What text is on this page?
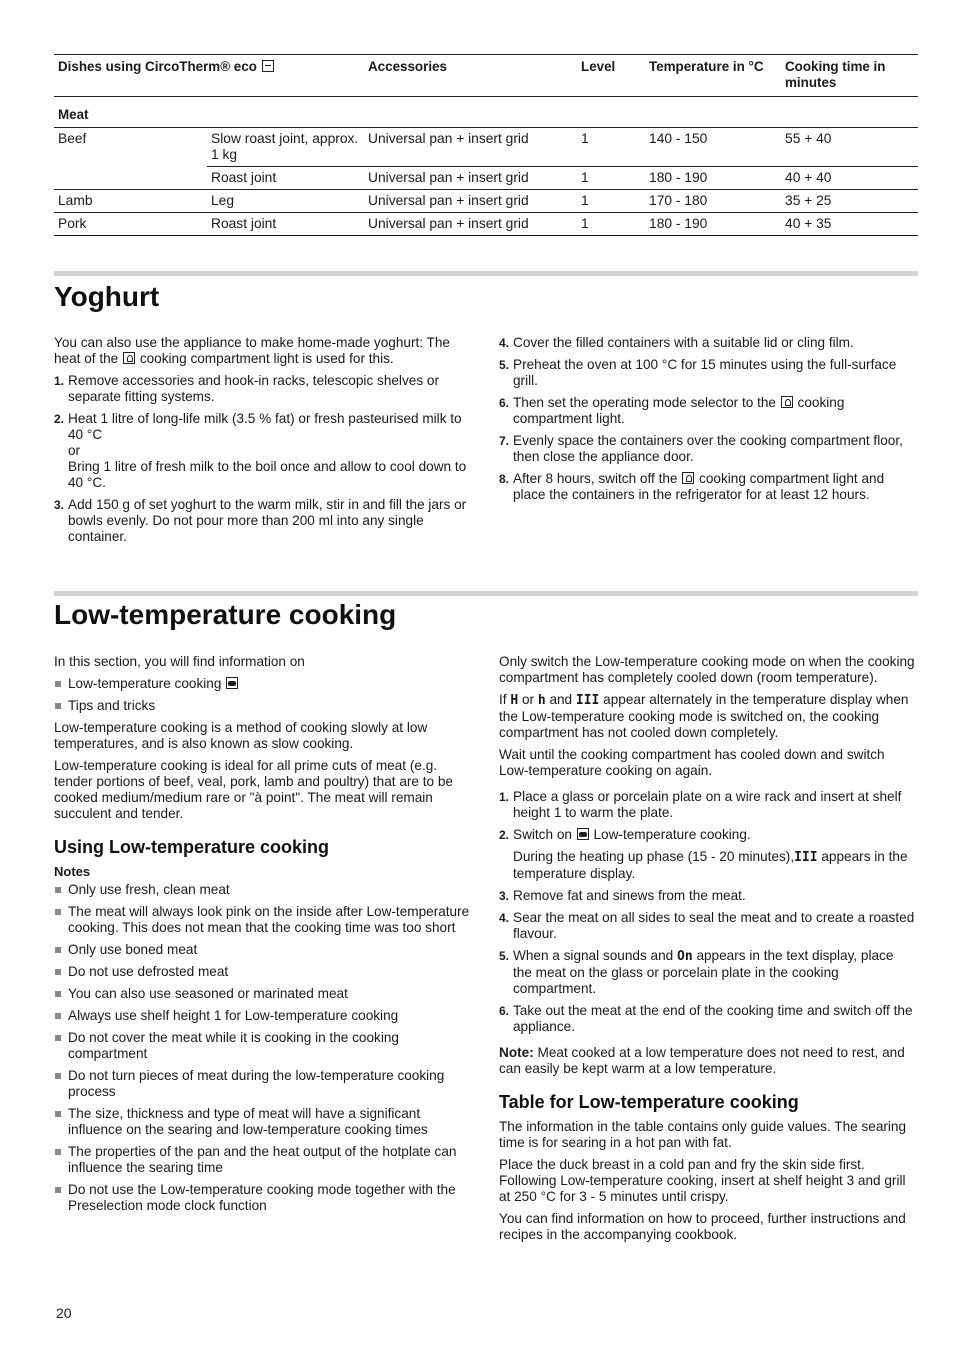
Dishes using CircoTherm® eco		Accessories	Level	Temperature in °C	Cooking time in minutes
Meat					
Beef	Slow roast joint, approx. 1 kg	Universal pan + insert grid	1	140 - 150	55 + 40
	Roast joint	Universal pan + insert grid	1	180 - 190	40 + 40
Lamb	Leg	Universal pan + insert grid	1	170 - 180	35 + 25
Pork	Roast joint	Universal pan + insert grid	1	180 - 190	40 + 35
Yoghurt

You can also use the appliance to make home-made yoghurt: The heat of the cooking compartment light is used for this.

1. Remove accessories and hook-in racks, telescopic shelves or separate fitting systems.
2. Heat 1 litre of long-life milk (3.5 % fat) or fresh pasteurised milk to 40 °C
or
Bring 1 litre of fresh milk to the boil once and allow to cool down to 40 °C.
3. Add 150 g of set yoghurt to the warm milk, stir in and fill the jars or bowls evenly. Do not pour more than 200 ml into any single container.
4. Cover the filled containers with a suitable lid or cling film.
5. Preheat the oven at 100 °C for 15 minutes using the full-surface grill.
6. Then set the operating mode selector to the cooking compartment light.
7. Evenly space the containers over the cooking compartment floor, then close the appliance door.
8. After 8 hours, switch off the cooking compartment light and place the containers in the refrigerator for at least 12 hours.
Low-temperature cooking

In this section, you will find information on

Low-temperature cooking
Tips and tricks

Low-temperature cooking is a method of cooking slowly at low temperatures, and is also known as slow cooking.

Low-temperature cooking is ideal for all prime cuts of meat (e.g. tender portions of beef, veal, pork, lamb and poultry) that are to be cooked medium/medium rare or "à point". The meat will remain succulent and tender.

Using Low-temperature cooking
Notes
Only use fresh, clean meat
The meat will always look pink on the inside after Low-temperature cooking. This does not mean that the cooking time was too short
Only use boned meat
Do not use defrosted meat
You can also use seasoned or marinated meat
Always use shelf height 1 for Low-temperature cooking
Do not cover the meat while it is cooking in the cooking compartment
Do not turn pieces of meat during the low-temperature cooking process
The size, thickness and type of meat will have a significant influence on the searing and low-temperature cooking times
The properties of the pan and the heat output of the hotplate can influence the searing time
Do not use the Low-temperature cooking mode together with the Preselection mode clock function

Only switch the Low-temperature cooking mode on when the cooking compartment has completely cooled down (room temperature).

If H or h and III appear alternately in the temperature display when the Low-temperature cooking mode is switched on, the cooking compartment has not cooled down completely.

Wait until the cooking compartment has cooled down and switch Low-temperature cooking on again.

1. Place a glass or porcelain plate on a wire rack and insert at shelf height 1 to warm the plate.
2. Switch on Low-temperature cooking.

During the heating up phase (15 - 20 minutes),III appears in the temperature display.
3. Remove fat and sinews from the meat.
4. Sear the meat on all sides to seal the meat and to create a roasted flavour.
5. When a signal sounds and On appears in the text display, place the meat on the glass or porcelain plate in the cooking compartment.
6. Take out the meat at the end of the cooking time and switch off the appliance.

Note: Meat cooked at a low temperature does not need to rest, and can easily be kept warm at a low temperature.

Table for Low-temperature cooking

The information in the table contains only guide values. The searing time is for searing in a hot pan with fat.

Place the duck breast in a cold pan and fry the skin side first. Following Low-temperature cooking, insert at shelf height 3 and grill at 250 °C for 3 - 5 minutes until crispy.

You can find information on how to proceed, further instructions and recipes in the accompanying cookbook.

20
